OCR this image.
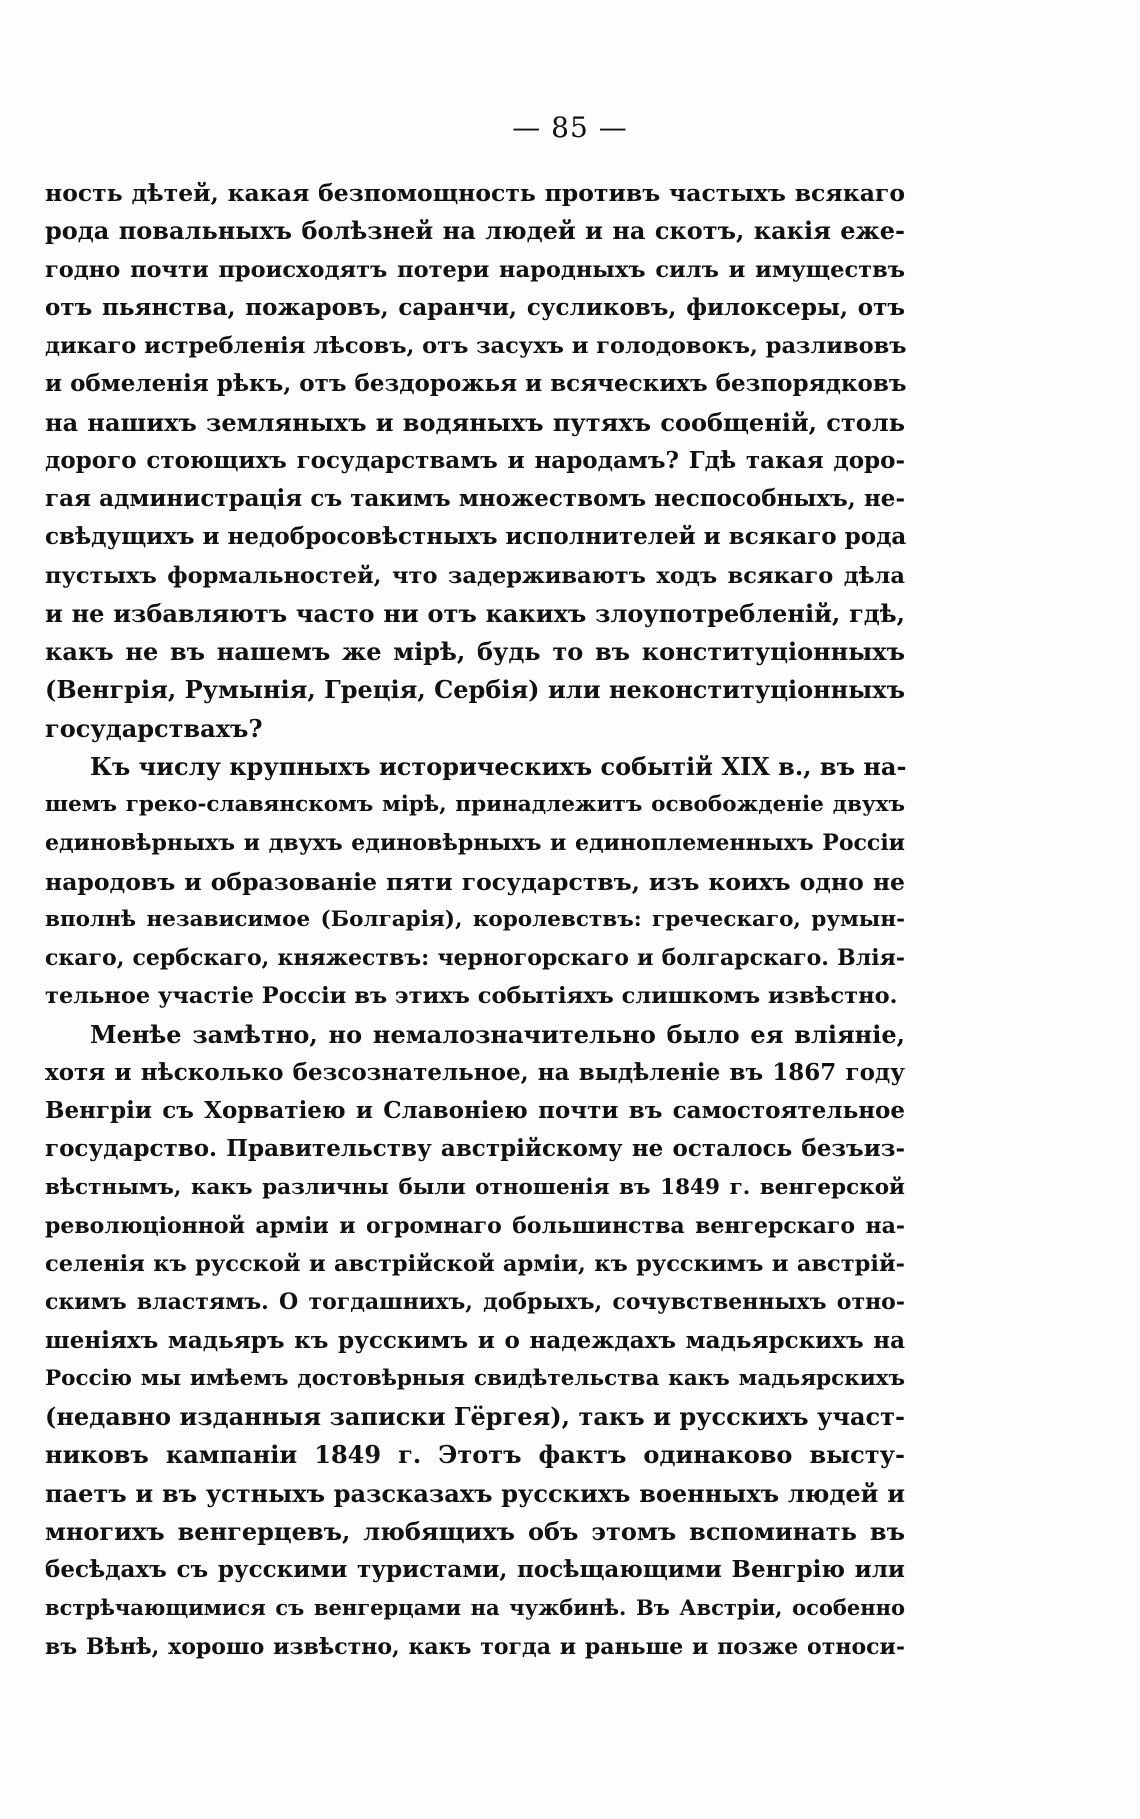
— 85 —
ность дѣтей, какая безпомощность противъ частыхъ всякаго
рода повальныхъ болѣзней на людей и на скотъ, какія еже-
годно почти происходятъ потери народныхъ силъ и имуществъ
отъ пьянства, пожаровъ, саранчи, сусликовъ, филоксеры, отъ
дикаго истребленія лѣсовъ, отъ засухъ и голодовокъ, разливовъ
и обмеленія рѣкъ, отъ бездорожья и всяческихъ безпорядковъ
на нашихъ земляныхъ и водяныхъ путяхъ сообщеній, столь
дорого стоющихъ государствамъ и народамъ? Гдѣ такая доро-
гая администрація съ такимъ множествомъ неспособныхъ, не-
свѣдущихъ и недобросовѣстныхъ исполнителей и всякаго рода
пустыхъ формальностей, что задерживаютъ ходъ всякаго дѣла
и не избавляютъ часто ни отъ какихъ злоупотребленій, гдѣ,
какъ не въ нашемъ же мірѣ, будь то въ конституціонныхъ
(Венгрія, Румынія, Греція, Сербія) или неконституціонныхъ
государствахъ?
Къ числу крупныхъ историческихъ событій XIX в., въ на-
шемъ греко-славянскомъ мірѣ, принадлежитъ освобожденіе двухъ
единовѣрныхъ и двухъ единовѣрныхъ и единоплеменныхъ Россіи
народовъ и образованіе пяти государствъ, изъ коихъ одно не
вполнѣ независимое (Болгарія), королевствъ: греческаго, румын-
скаго, сербскаго, княжествъ: черногорскаго и болгарскаго. Влія-
тельное участіе Россіи въ этихъ событіяхъ слишкомъ извѣстно.
Менѣе замѣтно, но немалозначительно было ея вліяніе,
хотя и нѣсколько безсознательное, на выдѣленіе въ 1867 году
Венгріи съ Хорватіею и Славоніею почти въ самостоятельное
государство. Правительству австрійскому не осталось безъиз-
вѣстнымъ, какъ различны были отношенія въ 1849 г. венгерской
революціонной арміи и огромнаго большинства венгерскаго на-
селенія къ русской и австрійской арміи, къ русскимъ и австрій-
скимъ властямъ. О тогдашнихъ, добрыхъ, сочувственныхъ отно-
шеніяхъ мадьяръ къ русскимъ и о надеждахъ мадьярскихъ на
Россію мы имѣемъ достовѣрныя свидѣтельства какъ мадьярскихъ
(недавно изданныя записки Гёргея), такъ и русскихъ участ-
никовъ кампаніи 1849 г. Этотъ фактъ одинаково высту-
паетъ и въ устныхъ разсказахъ русскихъ военныхъ людей и
многихъ венгерцевъ, любящихъ объ этомъ вспоминать въ
бесѣдахъ съ русскими туристами, посѣщающими Венгрію или
встрѣчающимися съ венгерцами на чужбинѣ. Въ Австріи, особенно
въ Вѣнѣ, хорошо извѣстно, какъ тогда и раньше и позже относи-
